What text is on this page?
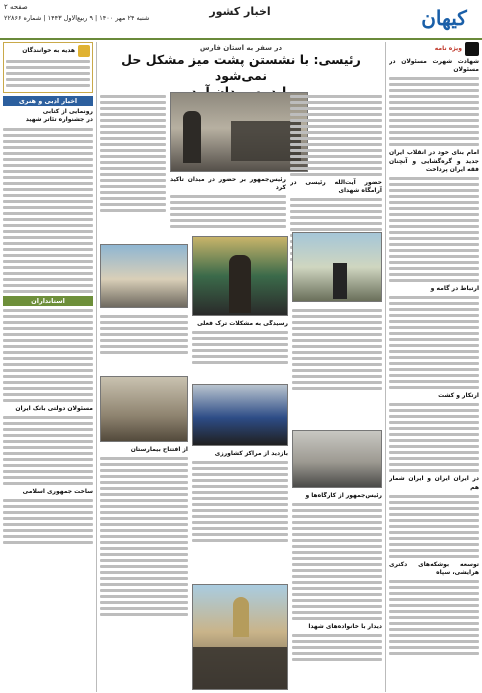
کیهان
اخبار کشور
صفحه ۲
شنبه ۲۴ مهر ۱۴۰۰ | ۹ ربیع‌الاول ۱۴۴۳ | شماره ۲۲۸۶۶
ویژه نامه
شهادت شهرت مسئولان در مسئولان
امام بنای خود در انقلاب ایران جدید و گره‌گشایی و آنچنان فقه ایران پرداخت
ارتباط در گامه و
ارتکار و کشت
در ایران ایران و ایران شمار هم
توسعه بوشکه‌های دکتری هرایشی، سپاه
هدیه به خوانندگان
اخبار ادبی و هنری
رونمایی از کتابی
در جشنواره تئاتر شهید
استانداران
مسئولان دولتی بانک ایران
ساخت جمهوری اسلامی
در سفر به استان فارس
رئیسی: با نشستن پشت میز مشکل حل نمی‌شود
حضور آیت‌الله رئیسی در آرامگاه شهدای
رئیس‌جمهور بر حضور در میدان تاکید کرد
رسیدگی به مشکلات ترک فعلی
از افتتاح بیمارستان
بازدید از مراکز کشاورزی
رئیس‌جمهور از کارگاه‌ها و
دیدار با خانواده‌های شهدا
